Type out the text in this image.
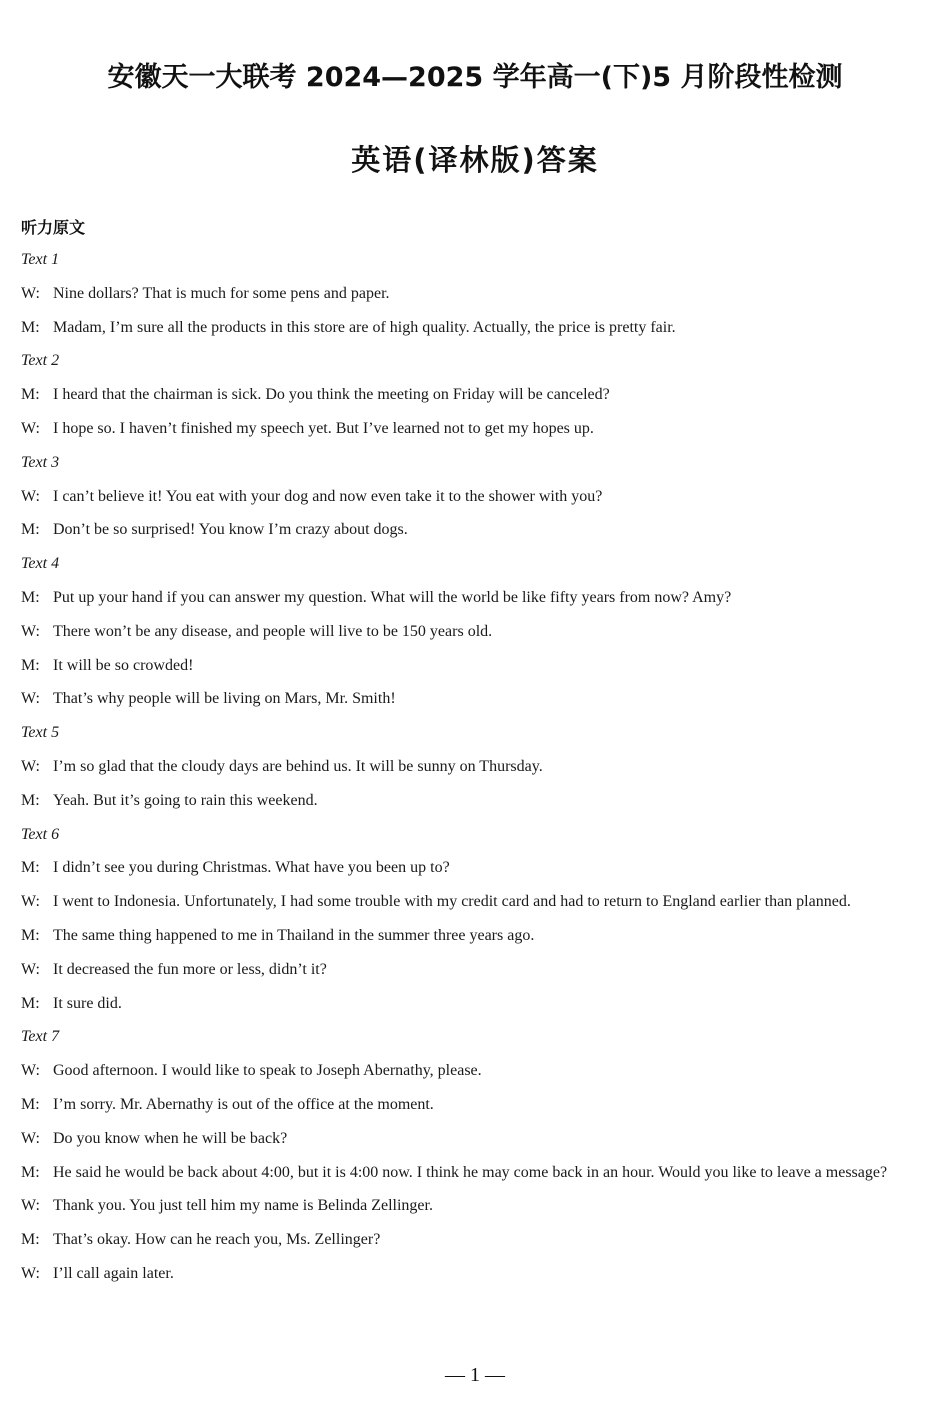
安徽天一大联考 2024—2025 学年高一(下)5 月阶段性检测
英语(译林版)答案
听力原文
Text 1
W: Nine dollars? That is much for some pens and paper.
M: Madam, I’m sure all the products in this store are of high quality. Actually, the price is pretty fair.
Text 2
M: I heard that the chairman is sick. Do you think the meeting on Friday will be canceled?
W: I hope so. I haven’t finished my speech yet. But I’ve learned not to get my hopes up.
Text 3
W: I can’t believe it! You eat with your dog and now even take it to the shower with you?
M: Don’t be so surprised! You know I’m crazy about dogs.
Text 4
M: Put up your hand if you can answer my question. What will the world be like fifty years from now? Amy?
W: There won’t be any disease, and people will live to be 150 years old.
M: It will be so crowded!
W: That’s why people will be living on Mars, Mr. Smith!
Text 5
W: I’m so glad that the cloudy days are behind us. It will be sunny on Thursday.
M: Yeah. But it’s going to rain this weekend.
Text 6
M: I didn’t see you during Christmas. What have you been up to?
W: I went to Indonesia. Unfortunately, I had some trouble with my credit card and had to return to England earlier than planned.
M: The same thing happened to me in Thailand in the summer three years ago.
W: It decreased the fun more or less, didn’t it?
M: It sure did.
Text 7
W: Good afternoon. I would like to speak to Joseph Abernathy, please.
M: I’m sorry. Mr. Abernathy is out of the office at the moment.
W: Do you know when he will be back?
M: He said he would be back about 4:00, but it is 4:00 now. I think he may come back in an hour. Would you like to leave a message?
W: Thank you. You just tell him my name is Belinda Zellinger.
M: That’s okay. How can he reach you, Ms. Zellinger?
W: I’ll call again later.
— 1 —
